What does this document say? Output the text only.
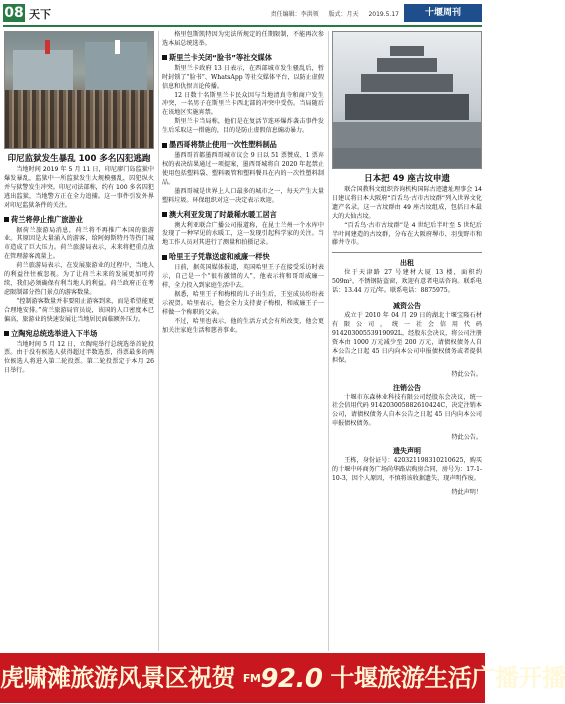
08 天下	责任编辑：李洪领 版式：月天 2019.5.17	十堰周刊
印尼监狱发生暴乱 100 多名囚犯逃跑

当地时间 2019 年 5 月 11 日，印尼廖门岛监狱中爆发暴乱，监狱中一所监狱发生大规模骚乱，囚犯纵火并与狱警发生冲突。印尼司法部称，约有 100 多名囚犯逃出监狱，当地警方正在全力追捕。这一事件引发外界对印尼监狱条件的关注。

荷兰将停止推广旅游业

据荷兰旅游局消息，荷兰将不再推广本国的旅游业。其原因是大量涌入的游客，给阿姆斯特丹等热门城市造成了巨大压力。荷兰旅游局表示，未来将把重点放在管理游客流量上。

荷兰旅游局表示，在发展旅游业的过程中，当地人的利益往往被忽视。为了让荷兰未来的发展更加可持续，我们必须确保有利当地人的利益。荷兰政府正在考虑限制部分热门景点的游客数量。

“控制游客数量并非要阻止游客到来，而是希望能更合理地安排。”荷兰旅游局官员说，该国的人口密度本已偏高，旅游业的快速发展让当地居民面临额外压力。

立陶宛总统选举进入下半场

当地时间 5 月 12 日，立陶宛举行总统选举首轮投票。由于没有候选人获得超过半数选票，得票最多的两位候选人将进入第二轮投票。第二轮投票定于本月 26 日举行。

格里包斯凯特因为宪法所规定的任期限制，不能再次参选本届总统选举。

斯里兰卡关闭“脸书”等社交媒体

斯里兰卡政府 13 日表示，在西部城市发生骚乱后，暂时封锁了“脸书”、WhatsApp 等社交媒体平台，以防止虚假信息和仇恨言论传播。

12 日数十名斯里兰卡民众因与当地清真寺和商户发生冲突，一名男子在斯里兰卡西北部的冲突中受伤。当局随后在该地区实施宵禁。

斯里兰卡当局称，他们是在复活节连环爆炸袭击事件发生后采取这一措施的，目的是防止虚假信息煽动暴力。

墨西哥将禁止使用一次性塑料制品

墨西哥首都墨西哥城市议会 9 日以 51 票赞成、1 票弃权的表决结果通过一项提案，墨西哥城将自 2020 年起禁止使用包括塑料袋、塑料吸管和塑料餐具在内的一次性塑料制品。

墨西哥城是世界上人口最多的城市之一，每天产生大量塑料垃圾。环保组织对这一决定表示欢迎。

澳大利亚发现了时最稀水暖工居言

澳大利亚联合广播公司报道称，在昆士兰州一个水库中发现了一种罕见的水暖工，这一发现引起科学家的关注。当地工作人员对其进行了测量和拍摄记录。

哈里王子凭靠送虚和威廉一样快

日前，据英国媒体报道，英国哈里王子在接受采访时表示，自己是一个“很有激情的人”，他表示将和哥哥威廉一样，全力投入到家庭生活中去。

据悉，哈里王子和梅根的儿子出生后，王室成员纷纷表示祝贺。哈里表示，他会全力支持妻子梅根，和威廉王子一样做一个称职的父亲。

不过，哈里也表示，他的生活方式会有所改变，他会更加关注家庭生活和慈善事业。

日本把 49 座古坟申遗

联合国教科文组织咨询机构国际古迹遗址理事会 14 日建议将日本大阪府“百舌鸟·古市古坟群”列入世界文化遗产名录。这一古坟群由 49 座古坟组成，包括日本最大的大仙古坟。

“百舌鸟·古市古坟群”是 4 世纪后半叶至 5 世纪后半叶间建造的古坟群，分布在大阪府堺市、羽曳野市和藤井寺市。

出租

位于天津路 27 号建材大厦 13 楼，面积约 509m²，不锈钢防盗窗，欢迎有意者电话咨询。联系电话：13.44 万元/年。联系电话：8875975。

减资公告

成立于 2010 年 04 月 29 日的湖北十堰宝隆石材有限公司，统一社会信用代码 91420300553919092L，经股东会决议，将公司注册资本由 1000 万元减少至 200 万元，请债权债务人自本公告之日起 45 日内向本公司申报债权债务或者提供担保。

特此公告。
注销公告

十堰市东森林业科技有限公司经股东会决议，统一社会信用代码 914203005882610424C，决定注销本公司，请债权债务人自本公告之日起 45 日内向本公司申报债权债务。

特此公告。
遗失声明

王栋，身份证号：420321198310210625，购买的十堰中环商务广场尚华路店购房合同，房号为：17-1-10-3，因个人原因，不慎将该收据遗失，现声明作废。

特此声明！
虎啸滩旅游风景区祝贺 FM92.0 十堰旅游生活广播开播
